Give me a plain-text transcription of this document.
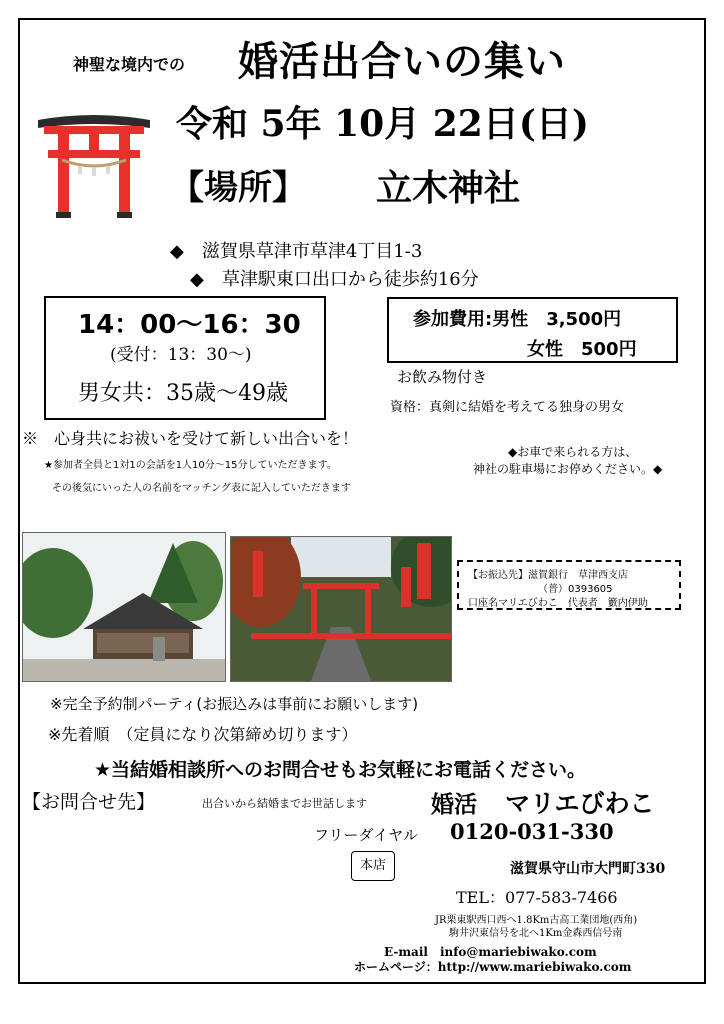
神聖な境内での 婚活出合いの集い
令和 5年 10月 22日(日)
【場所】 立木神社
◆　滋賀県草津市草津4丁目1-3
◆　草津駅東口出口から徒歩約16分
14：00～16：30
(受付：13：30～)
男女共：35歳～49歳
参加費用:男性　3,500円
女性　500円
お飲み物付き
資格：真剣に結婚を考えてる独身の男女
※　心身共にお祓いを受けて新しい出合いを！
★参加者全員と1対1の会話を1人10分～15分していただきます。
その後気にいった人の名前をマッチング表に記入していただきます
◆お車で来られる方は、
神社の駐車場にお停めください。◆
【お振込先】滋賀銀行　草津西支店
（普）0393605
口座名マリエびわこ　代表者　籔内伊助
※完全予約制パーティ(お振込みは事前にお願いします)
※先着順　（定員になり次第締め切ります）
★当結婚相談所へのお問合せもお気軽にお電話ください。
【お問合せ先】	出合いから結婚までお世話します	婚活 マリエびわこ
フリーダイヤル 0120-031-330
本店	滋賀県守山市大門町330
TEL：077-583-7466
JR栗東駅西口西へ1.8Km古高工業団地(西角)
駒井沢東信号を北へ1Km金森西信号南
E-mail　info@mariebiwako.com
ホームページ：http://www.mariebiwako.com
